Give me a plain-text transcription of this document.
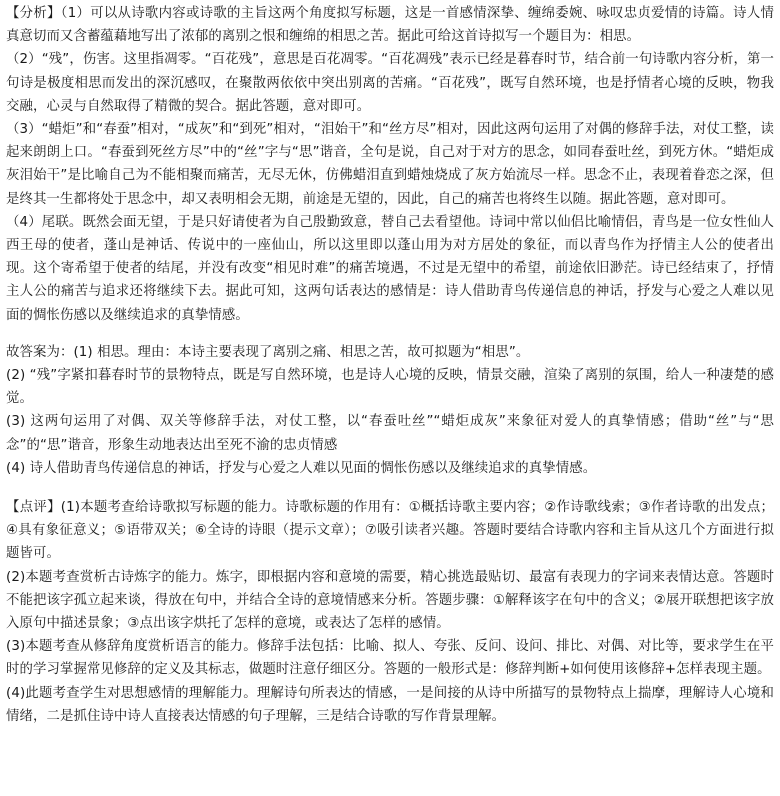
【分析】（1）可以从诗歌内容或诗歌的主旨这两个角度拟写标题，这是一首感情深挚、缠绵委婉、咏叹忠贞爱情的诗篇。诗人情真意切而又含蓄蕴藉地写出了浓郁的离别之恨和缠绵的相思之苦。据此可给这首诗拟写一个题目为：相思。

（2）“残”，伤害。这里指凋零。“百花残”，意思是百花凋零。“百花凋残”表示已经是暮春时节，结合前一句诗歌内容分析，第一句诗是极度相思而发出的深沉感叹，在聚散两依依中突出别离的苦痛。“百花残”，既写自然环境，也是抒情者心境的反映，物我交融，心灵与自然取得了精微的契合。据此答题，意对即可。

（3）“蜡炬”和“春蚕”相对，“成灰”和“到死”相对，“泪始干”和“丝方尽”相对，因此这两句运用了对偶的修辞手法，对仗工整，读起来朗朗上口。“春蚕到死丝方尽”中的“丝”字与“思”谐音，全句是说，自己对于对方的思念，如同春蚕吐丝，到死方休。“蜡炬成灰泪始干”是比喻自己为不能相聚而痛苦，无尽无休，仿佛蜡泪直到蜡烛烧成了灰方始流尽一样。思念不止，表现着眷恋之深，但是终其一生都将处于思念中，却又表明相会无期，前途是无望的，因此，自己的痛苦也将终生以随。据此答题，意对即可。

（4）尾联。既然会面无望，于是只好请使者为自己殷勤致意，替自己去看望他。诗词中常以仙侣比喻情侣，青鸟是一位女性仙人西王母的使者，蓬山是神话、传说中的一座仙山，所以这里即以蓬山用为对方居处的象征，而以青鸟作为抒情主人公的使者出现。这个寄希望于使者的结尾，并没有改变“相见时难”的痛苦境遇，不过是无望中的希望，前途依旧渺茫。诗已经结束了，抒情主人公的痛苦与追求还将继续下去。据此可知，这两句话表达的感情是：诗人借助青鸟传递信息的神话，抒发与心爱之人难以见面的惆怅伤感以及继续追求的真挚情感。

故答案为：(1) 相思。理由：本诗主要表现了离别之痛、相思之苦，故可拟题为“相思”。

(2) “残”字紧扣暮春时节的景物特点，既是写自然环境，也是诗人心境的反映，情景交融，渲染了离别的氛围，给人一种凄楚的感觉。

(3) 这两句运用了对偶、双关等修辞手法，对仗工整，以“春蚕吐丝”“蜡炬成灰”来象征对爱人的真挚情感；借助“丝”与“思念”的“思”谐音，形象生动地表达出至死不渝的忠贞情感

(4) 诗人借助青鸟传递信息的神话，抒发与心爱之人难以见面的惆怅伤感以及继续追求的真挚情感。

【点评】(1)本题考查给诗歌拟写标题的能力。诗歌标题的作用有：①概括诗歌主要内容；②作诗歌线索；③作者诗歌的出发点；④具有象征意义；⑤语带双关；⑥全诗的诗眼（提示文章）；⑦吸引读者兴趣。答题时要结合诗歌内容和主旨从这几个方面进行拟题皆可。

(2)本题考查赏析古诗炼字的能力。炼字，即根据内容和意境的需要，精心挑选最贴切、最富有表现力的字词来表情达意。答题时不能把该字孤立起来谈，得放在句中，并结合全诗的意境情感来分析。答题步骤：①解释该字在句中的含义；②展开联想把该字放入原句中描述景象；③点出该字烘托了怎样的意境，或表达了怎样的感情。

(3)本题考查从修辞角度赏析语言的能力。修辞手法包括：比喻、拟人、夸张、反问、设问、排比、对偶、对比等，要求学生在平时的学习掌握常见修辞的定义及其标志，做题时注意仔细区分。答题的一般形式是：修辞判断+如何使用该修辞+怎样表现主题。

(4)此题考查学生对思想感情的理解能力。理解诗句所表达的情感，一是间接的从诗中所描写的景物特点上揣摩，理解诗人心境和情绪，二是抓住诗中诗人直接表达情感的句子理解，三是结合诗歌的写作背景理解。
